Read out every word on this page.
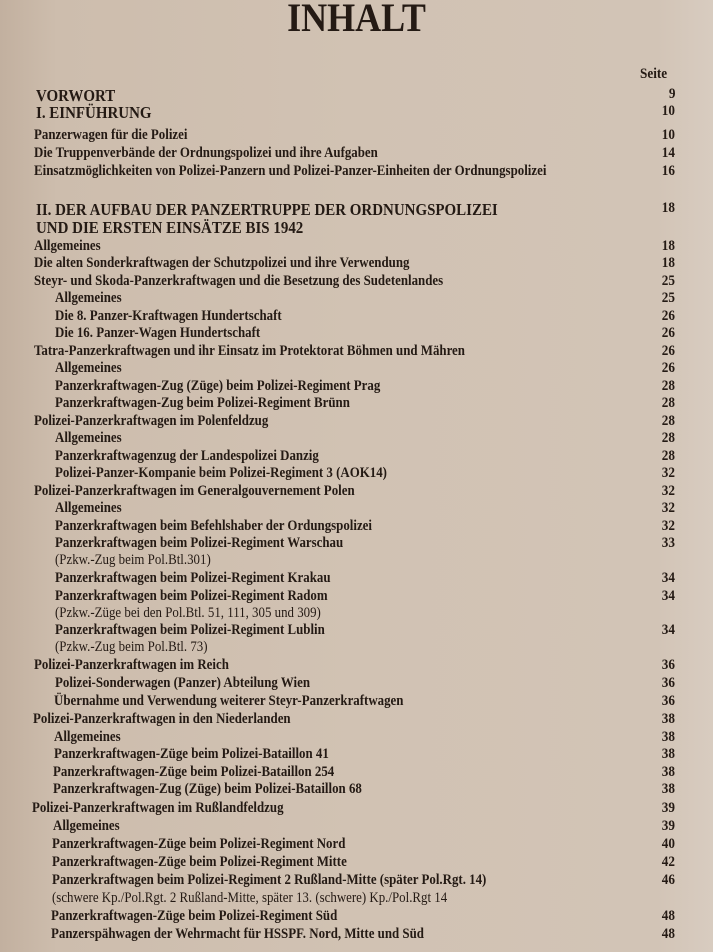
INHALT
Seite
VORWORT	9
I. EINFÜHRUNG	10
Panzerwagen für die Polizei	10
Die Truppenverbände der Ordnungspolizei und ihre Aufgaben	14
Einsatzmöglichkeiten von Polizei-Panzern und Polizei-Panzer-Einheiten der Ordnungspolizei	16
II. DER AUFBAU DER PANZERTRUPPE DER ORDNUNGSPOLIZEI	18
UND DIE ERSTEN EINSÄTZE BIS 1942
Allgemeines	18
Die alten Sonderkraftwagen der Schutzpolizei und ihre Verwendung	18
Steyr- und Skoda-Panzerkraftwagen und die Besetzung des Sudetenlandes	25
Allgemeines	25
Die 8. Panzer-Kraftwagen Hundertschaft	26
Die 16. Panzer-Wagen Hundertschaft	26
Tatra-Panzerkraftwagen und ihr Einsatz im Protektorat Böhmen und Mähren	26
Allgemeines	26
Panzerkraftwagen-Zug (Züge) beim Polizei-Regiment Prag	28
Panzerkraftwagen-Zug beim Polizei-Regiment Brünn	28
Polizei-Panzerkraftwagen im Polenfeldzug	28
Allgemeines	28
Panzerkraftwagenzug der Landespolizei Danzig	28
Polizei-Panzer-Kompanie beim Polizei-Regiment 3 (AOK14)	32
Polizei-Panzerkraftwagen im Generalgouvernement Polen	32
Allgemeines	32
Panzerkraftwagen beim Befehlshaber der Ordungspolizei	32
Panzerkraftwagen beim Polizei-Regiment Warschau	33
(Pzkw.-Zug beim Pol.Btl.301)
Panzerkraftwagen beim Polizei-Regiment Krakau	34
Panzerkraftwagen beim Polizei-Regiment Radom	34
(Pzkw.-Züge bei den Pol.Btl. 51, 111, 305 und 309)
Panzerkraftwagen beim Polizei-Regiment Lublin	34
(Pzkw.-Zug beim Pol.Btl. 73)
Polizei-Panzerkraftwagen im Reich	36
Polizei-Sonderwagen (Panzer) Abteilung Wien	36
Übernahme und Verwendung weiterer Steyr-Panzerkraftwagen	36
Polizei-Panzerkraftwagen in den Niederlanden	38
Allgemeines	38
Panzerkraftwagen-Züge beim Polizei-Bataillon 41	38
Panzerkraftwagen-Züge beim Polizei-Bataillon 254	38
Panzerkraftwagen-Zug (Züge) beim Polizei-Bataillon 68	38
Polizei-Panzerkraftwagen im Rußlandfeldzug	39
Allgemeines	39
Panzerkraftwagen-Züge beim Polizei-Regiment Nord	40
Panzerkraftwagen-Züge beim Polizei-Regiment Mitte	42
Panzerkraftwagen beim Polizei-Regiment 2 Rußland-Mitte (später Pol.Rgt. 14)	46
(schwere Kp./Pol.Rgt. 2 Rußland-Mitte, später 13. (schwere) Kp./Pol.Rgt 14
Panzerkraftwagen-Züge beim Polizei-Regiment Süd	48
Panzerspähwagen der Wehrmacht für HSSPF. Nord, Mitte und Süd	48
